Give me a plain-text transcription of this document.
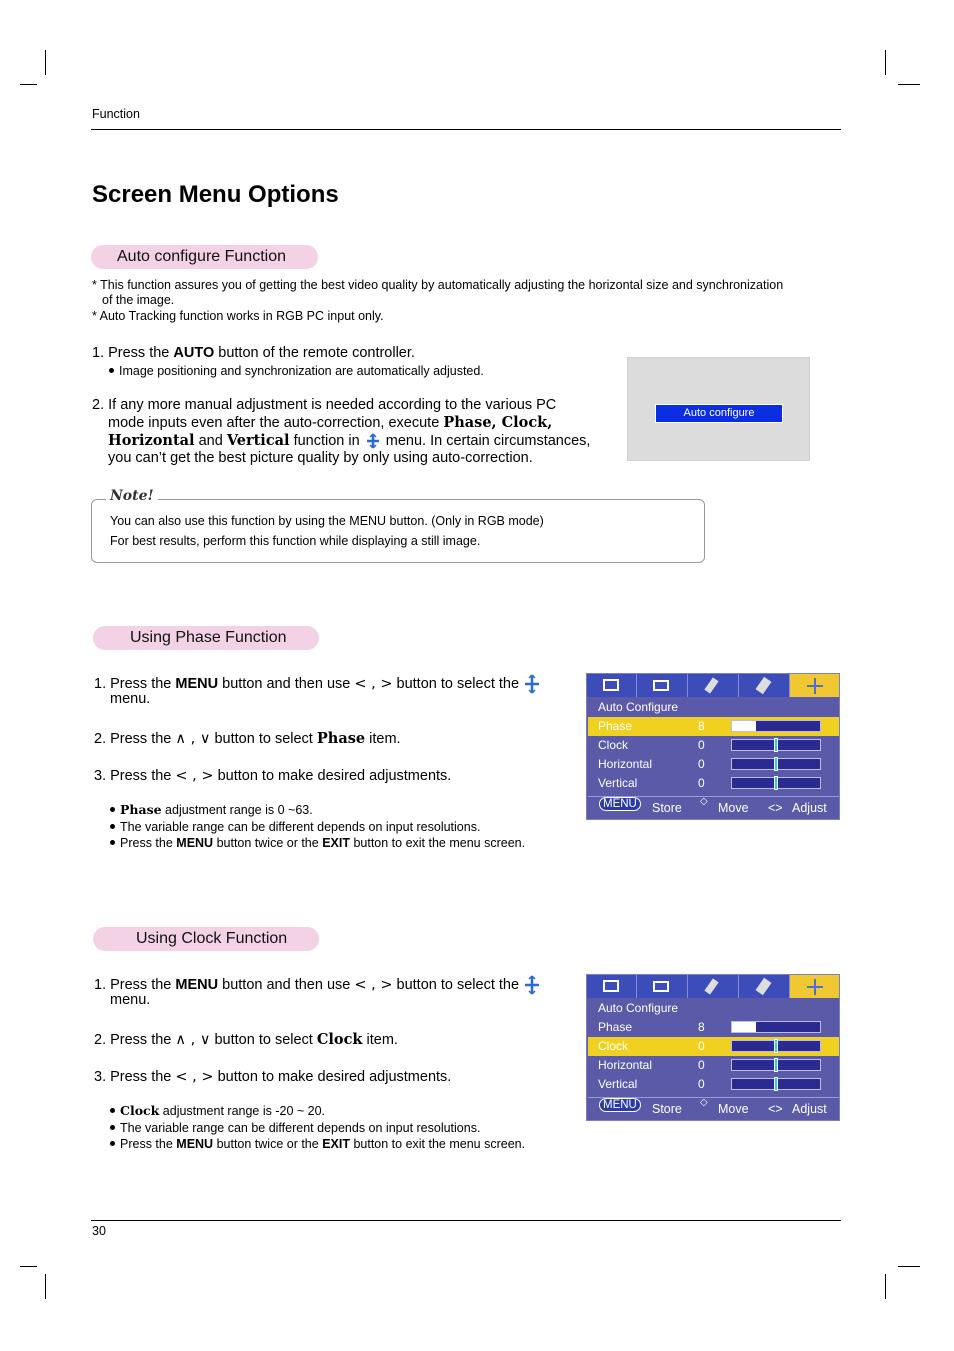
Function
Screen Menu Options
Auto configure Function
* This function assures you of getting the best video quality by automatically adjusting the horizontal size and synchronization
of the image.
* Auto Tracking function works in RGB PC input only.
1. Press the AUTO button of the remote controller.
Image positioning and synchronization are automatically adjusted.
2. If any more manual adjustment is needed according to the various PC
mode inputs even after the auto-correction, execute Phase, Clock,
Horizontal and Vertical function in  menu. In certain circumstances,
you can’t get the best picture quality by only using auto-correction.
Auto configure
Note!
You can also use this function by using the MENU button. (Only in RGB mode)
For best results, perform this function while displaying a still image.
Using Phase Function
1. Press the MENU button and then use < , > button to select the
menu.
2. Press the ∧ , ∨ button to select Phase item.
3. Press the < , > button to make desired adjustments.
Phase adjustment range is 0 ~63.
The variable range can be different depends on input resolutions.
Press the MENU button twice or the EXIT button to exit the menu screen.
Auto Configure
Phase	8
Clock	0
Horizontal	0
Vertical	0
MENU	Store ◇ Move <> Adjust
Using Clock Function
1. Press the MENU button and then use < , > button to select the
menu.
2. Press the ∧ , ∨ button to select Clock item.
3. Press the < , > button to make desired adjustments.
Clock adjustment range is -20 ~ 20.
The variable range can be different depends on input resolutions.
Press the MENU button twice or the EXIT button to exit the menu screen.
Auto Configure
Phase	8
Clock	0
Horizontal	0
Vertical	0
MENU	Store ◇ Move <> Adjust
30
